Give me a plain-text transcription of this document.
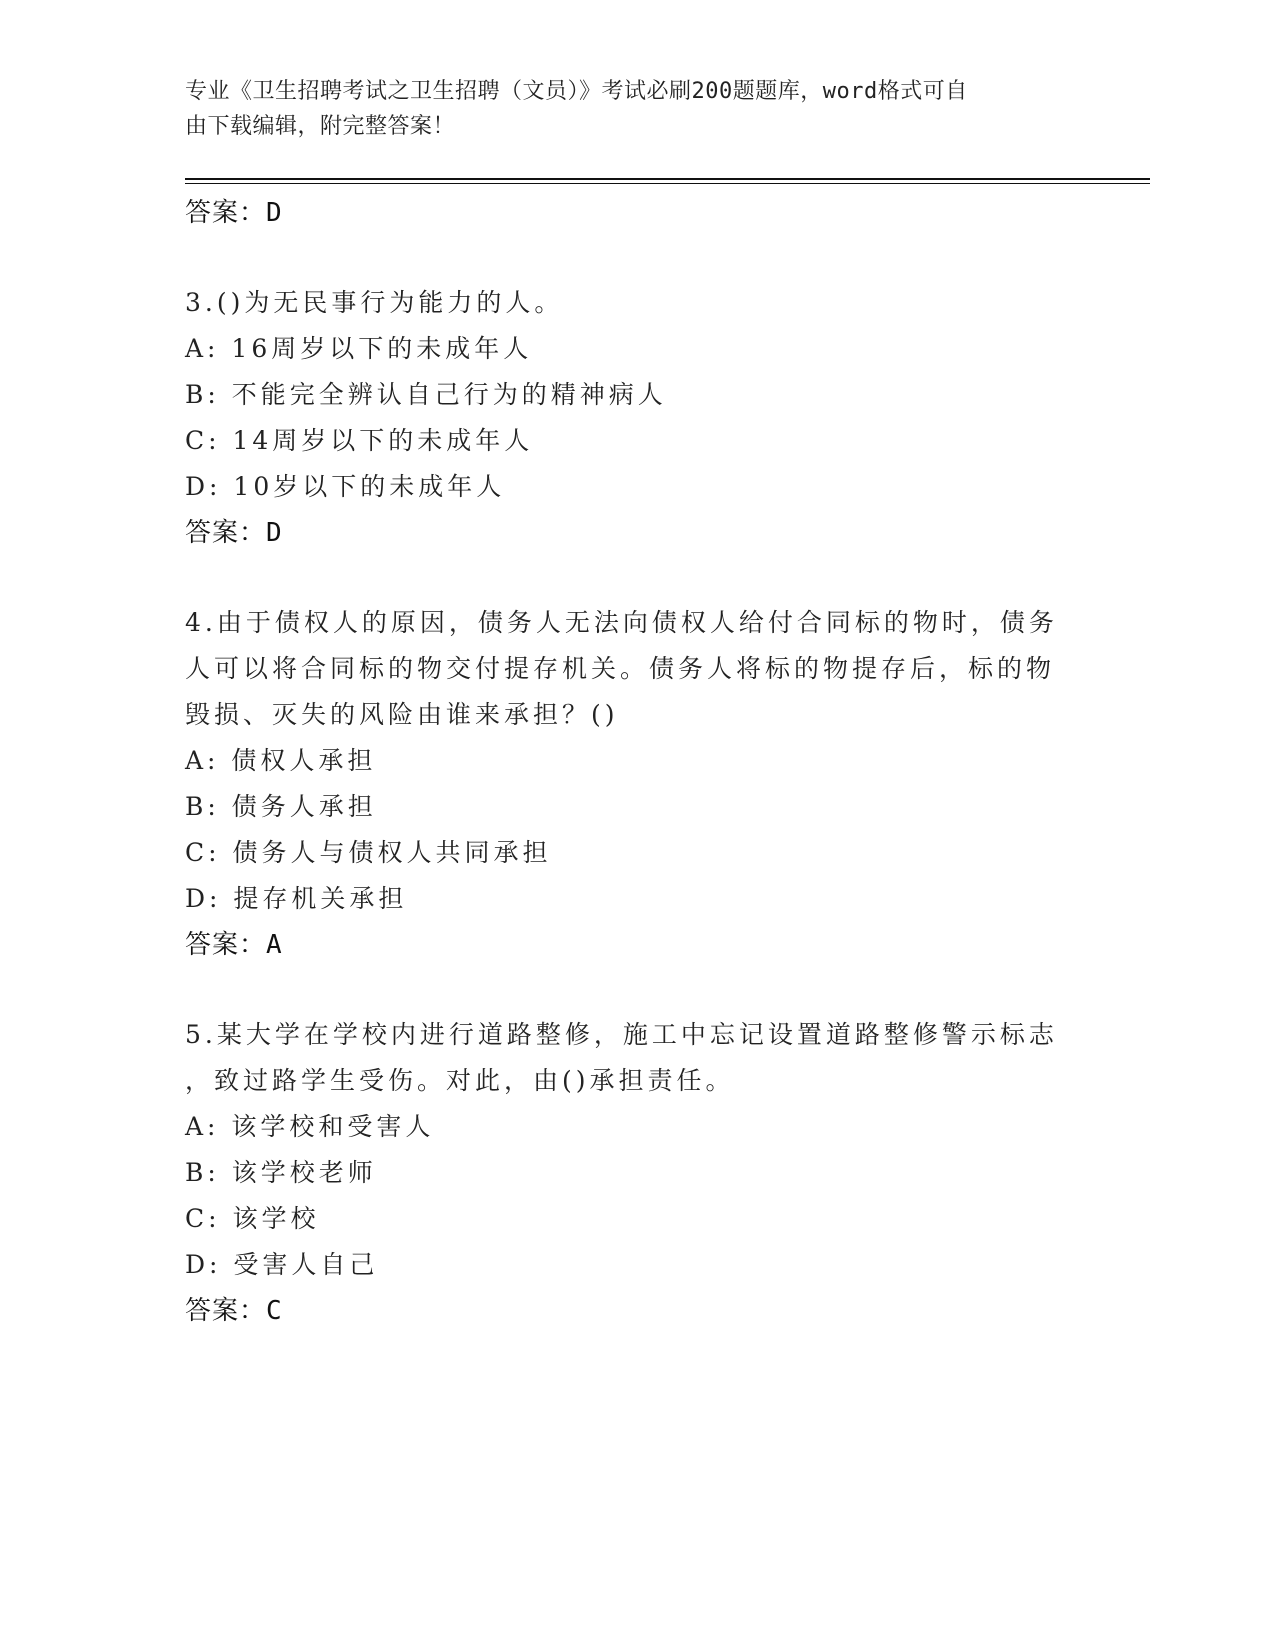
专业《卫生招聘考试之卫生招聘（文员）》考试必刷200题题库，word格式可自
由下载编辑，附完整答案！
答案：D
3.()为无民事行为能力的人。
A: 16周岁以下的未成年人
B: 不能完全辨认自己行为的精神病人
C: 14周岁以下的未成年人
D: 10岁以下的未成年人
答案：D
4.由于债权人的原因，债务人无法向债权人给付合同标的物时，债务
人可以将合同标的物交付提存机关。债务人将标的物提存后，标的物
毁损、灭失的风险由谁来承担？()
A: 债权人承担
B: 债务人承担
C: 债务人与债权人共同承担
D: 提存机关承担
答案：A
5.某大学在学校内进行道路整修，施工中忘记设置道路整修警示标志
，致过路学生受伤。对此，由()承担责任。
A: 该学校和受害人
B: 该学校老师
C: 该学校
D: 受害人自己
答案：C
